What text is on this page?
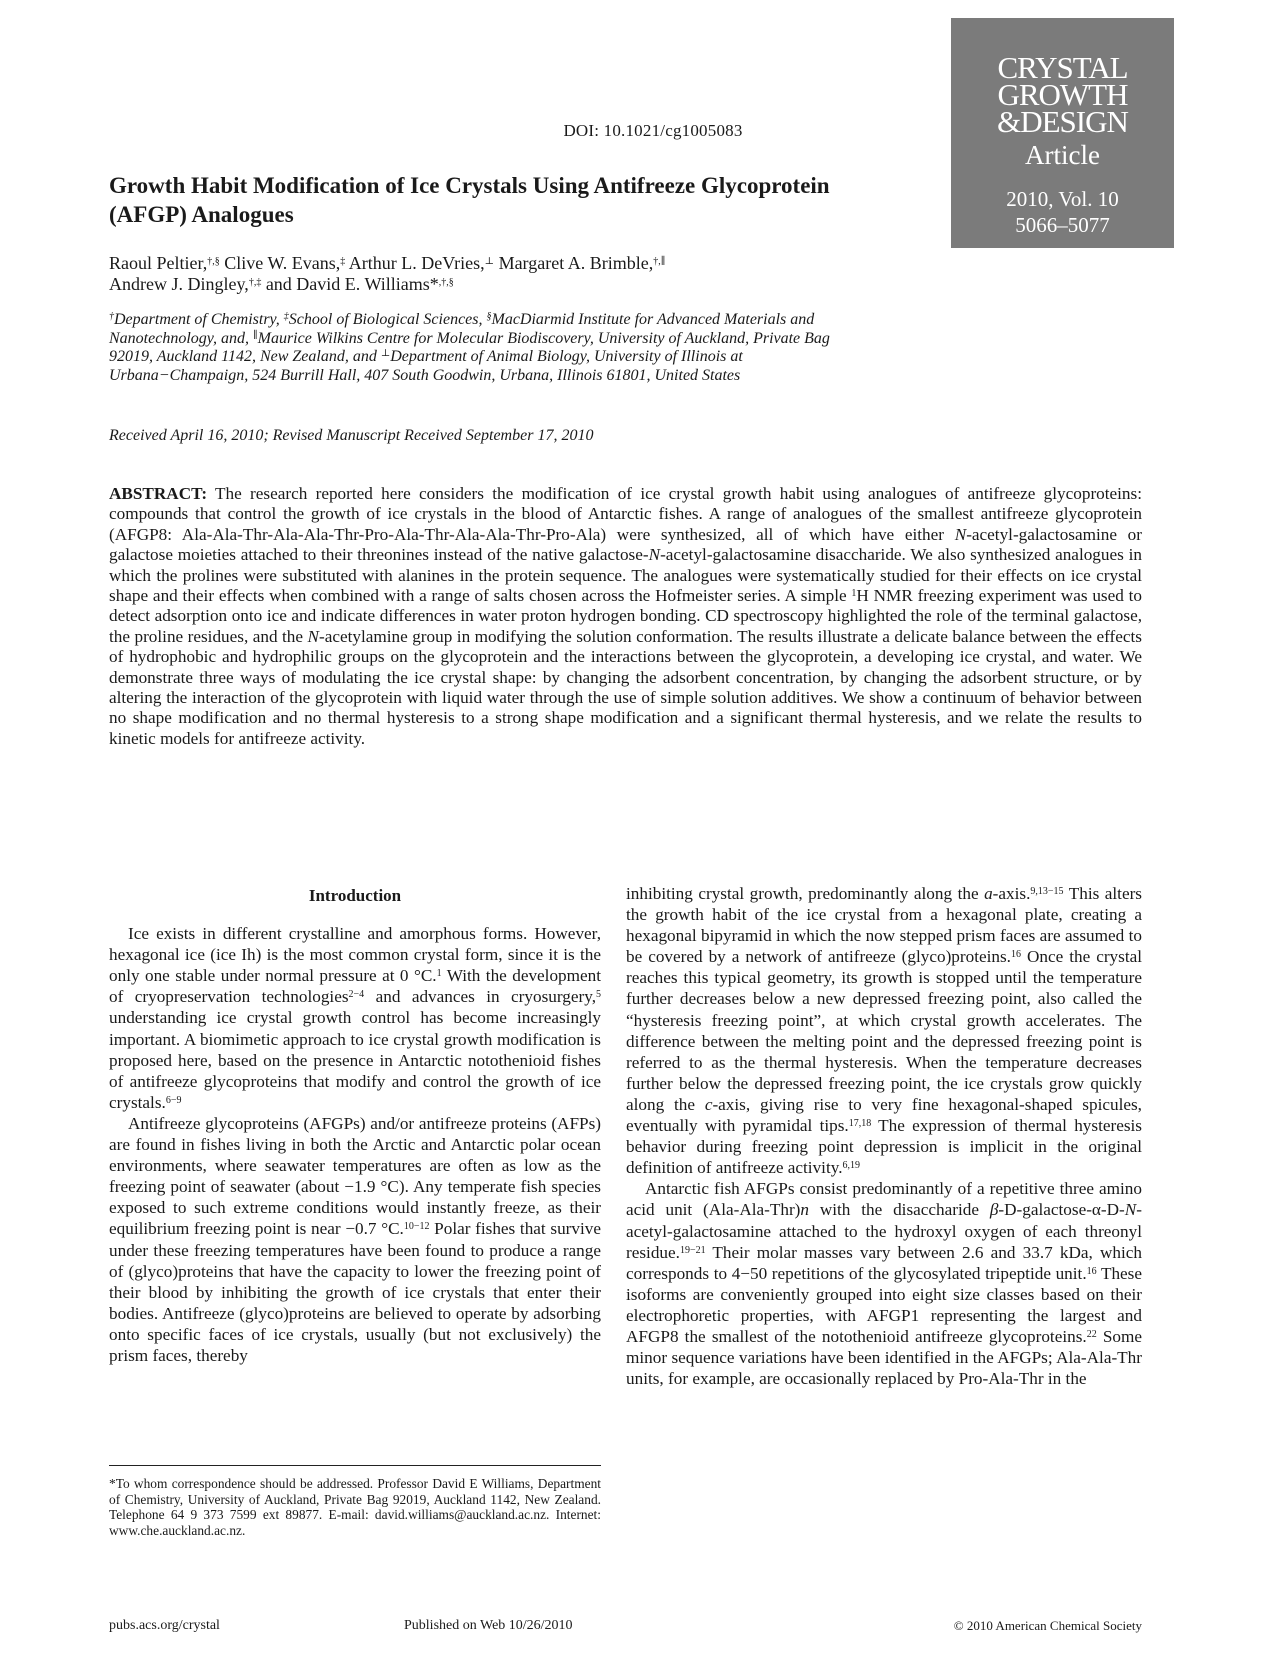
DOI: 10.1021/cg1005083
CRYSTAL
GROWTH
&DESIGN
Article
2010, Vol. 10
5066–5077
Growth Habit Modification of Ice Crystals Using Antifreeze Glycoprotein (AFGP) Analogues
Raoul Peltier,†,§ Clive W. Evans,‡ Arthur L. DeVries,⊥ Margaret A. Brimble,†,∥
Andrew J. Dingley,†,‡ and David E. Williams*,†,§
†Department of Chemistry, ‡School of Biological Sciences, §MacDiarmid Institute for Advanced Materials and Nanotechnology, and, ∥Maurice Wilkins Centre for Molecular Biodiscovery, University of Auckland, Private Bag 92019, Auckland 1142, New Zealand, and ⊥Department of Animal Biology, University of Illinois at Urbana−Champaign, 524 Burrill Hall, 407 South Goodwin, Urbana, Illinois 61801, United States
Received April 16, 2010; Revised Manuscript Received September 17, 2010
ABSTRACT: The research reported here considers the modification of ice crystal growth habit using analogues of antifreeze glycoproteins: compounds that control the growth of ice crystals in the blood of Antarctic fishes. A range of analogues of the smallest antifreeze glycoprotein (AFGP8: Ala-Ala-Thr-Ala-Ala-Thr-Pro-Ala-Thr-Ala-Ala-Thr-Pro-Ala) were synthesized, all of which have either N-acetyl-galactosamine or galactose moieties attached to their threonines instead of the native galactose-N-acetyl-galactosamine disaccharide. We also synthesized analogues in which the prolines were substituted with alanines in the protein sequence. The analogues were systematically studied for their effects on ice crystal shape and their effects when combined with a range of salts chosen across the Hofmeister series. A simple $^1$H NMR freezing experiment was used to detect adsorption onto ice and indicate differences in water proton hydrogen bonding. CD spectroscopy highlighted the role of the terminal galactose, the proline residues, and the N-acetylamine group in modifying the solution conformation. The results illustrate a delicate balance between the effects of hydrophobic and hydrophilic groups on the glycoprotein and the interactions between the glycoprotein, a developing ice crystal, and water. We demonstrate three ways of modulating the ice crystal shape: by changing the adsorbent concentration, by changing the adsorbent structure, or by altering the interaction of the glycoprotein with liquid water through the use of simple solution additives. We show a continuum of behavior between no shape modification and no thermal hysteresis to a strong shape modification and a significant thermal hysteresis, and we relate the results to kinetic models for antifreeze activity.
Introduction

Ice exists in different crystalline and amorphous forms. However, hexagonal ice (ice Ih) is the most common crystal form, since it is the only one stable under normal pressure at 0 °C.$^1$ With the development of cryopreservation technologies$^{2-4}$ and advances in cryosurgery,$^5$ understanding ice crystal growth control has become increasingly important. A biomimetic approach to ice crystal growth modification is proposed here, based on the presence in Antarctic notothenioid fishes of antifreeze glycoproteins that modify and control the growth of ice crystals.$^{6-9}$

Antifreeze glycoproteins (AFGPs) and/or antifreeze proteins (AFPs) are found in fishes living in both the Arctic and Antarctic polar ocean environments, where seawater temperatures are often as low as the freezing point of seawater (about −1.9 °C). Any temperate fish species exposed to such extreme conditions would instantly freeze, as their equilibrium freezing point is near −0.7 °C.$^{10-12}$ Polar fishes that survive under these freezing temperatures have been found to produce a range of (glyco)proteins that have the capacity to lower the freezing point of their blood by inhibiting the growth of ice crystals that enter their bodies. Antifreeze (glyco)proteins are believed to operate by adsorbing onto specific faces of ice crystals, usually (but not exclusively) the prism faces, thereby

inhibiting crystal growth, predominantly along the a-axis.$^{9,13-15}$ This alters the growth habit of the ice crystal from a hexagonal plate, creating a hexagonal bipyramid in which the now stepped prism faces are assumed to be covered by a network of antifreeze (glyco)proteins.$^{16}$ Once the crystal reaches this typical geometry, its growth is stopped until the temperature further decreases below a new depressed freezing point, also called the “hysteresis freezing point”, at which crystal growth accelerates. The difference between the melting point and the depressed freezing point is referred to as the thermal hysteresis. When the temperature decreases further below the depressed freezing point, the ice crystals grow quickly along the c-axis, giving rise to very fine hexagonal-shaped spicules, eventually with pyramidal tips.$^{17,18}$ The expression of thermal hysteresis behavior during freezing point depression is implicit in the original definition of antifreeze activity.$^{6,19}$

Antarctic fish AFGPs consist predominantly of a repetitive three amino acid unit (Ala-Ala-Thr)n with the disaccharide β-D-galactose-α-D-N-acetyl-galactosamine attached to the hydroxyl oxygen of each threonyl residue.$^{19-21}$ Their molar masses vary between 2.6 and 33.7 kDa, which corresponds to 4−50 repetitions of the glycosylated tripeptide unit.$^{16}$ These isoforms are conveniently grouped into eight size classes based on their electrophoretic properties, with AFGP1 representing the largest and AFGP8 the smallest of the notothenioid antifreeze glycoproteins.$^{22}$ Some minor sequence variations have been identified in the AFGPs; Ala-Ala-Thr units, for example, are occasionally replaced by Pro-Ala-Thr in the

*To whom correspondence should be addressed. Professor David E Williams, Department of Chemistry, University of Auckland, Private Bag 92019, Auckland 1142, New Zealand. Telephone 64 9 373 7599 ext 89877. E-mail: david.williams@auckland.ac.nz. Internet: www.che.auckland.ac.nz.
pubs.acs.org/crystal	Published on Web 10/26/2010	© 2010 American Chemical Society
